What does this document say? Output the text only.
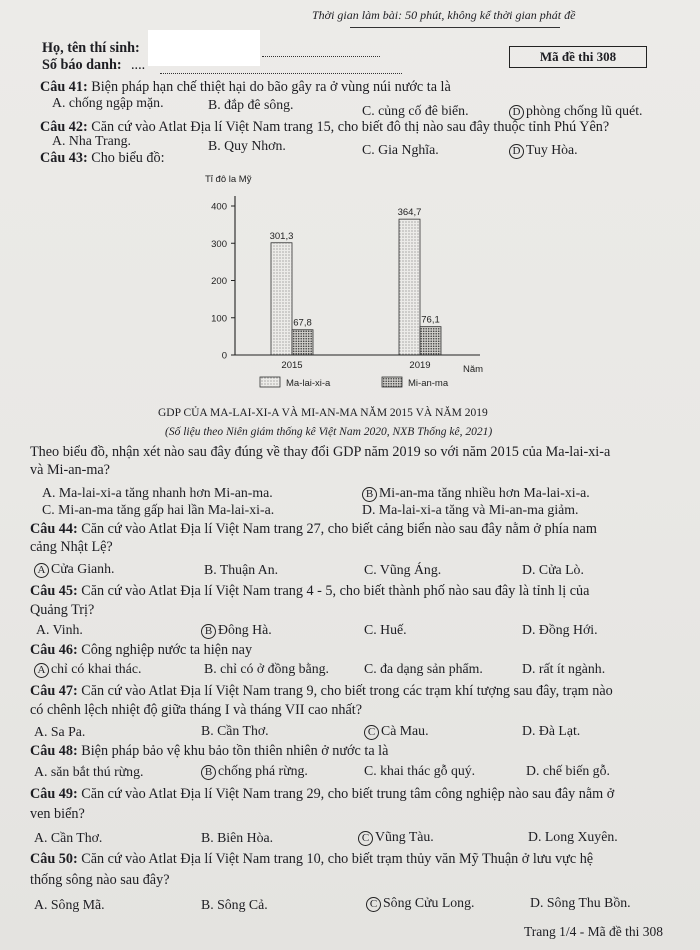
Thời gian làm bài: 50 phút, không kể thời gian phát đề
Họ, tên thí sinh:
Số báo danh: ....
Mã đề thi 308
Câu 41: Biện pháp hạn chế thiệt hại do bão gây ra ở vùng núi nước ta là
A. chống ngập mặn.	B. đắp đê sông.	C. củng cố đê biển.	D phòng chống lũ quét.
Câu 42: Căn cứ vào Atlat Địa lí Việt Nam trang 15, cho biết đô thị nào sau đây thuộc tỉnh Phú Yên?
A. Nha Trang.	B. Quy Nhơn.	C. Gia Nghĩa.	D Tuy Hòa.
Câu 43: Cho biểu đồ:
Tỉ đô la Mỹ
0
100
200
300
400
301,3
67,8
364,7
76,1
2015	2019	Năm
Ma-lai-xi-a	Mi-an-ma
GDP CỦA MA-LAI-XI-A VÀ MI-AN-MA NĂM 2015 VÀ NĂM 2019
(Số liệu theo Niên giám thống kê Việt Nam 2020, NXB Thống kê, 2021)
Theo biểu đồ, nhận xét nào sau đây đúng về thay đổi GDP năm 2019 so với năm 2015 của Ma-lai-xi-a
và Mi-an-ma?
A. Ma-lai-xi-a tăng nhanh hơn Mi-an-ma.	B Mi-an-ma tăng nhiều hơn Ma-lai-xi-a.
C. Mi-an-ma tăng gấp hai lần Ma-lai-xi-a.	D. Ma-lai-xi-a tăng và Mi-an-ma giảm.
Câu 44: Căn cứ vào Atlat Địa lí Việt Nam trang 27, cho biết cảng biển nào sau đây nằm ở phía nam
cảng Nhật Lệ?
A Cửa Gianh.	B. Thuận An.	C. Vũng Áng.	D. Cửa Lò.
Câu 45: Căn cứ vào Atlat Địa lí Việt Nam trang 4 - 5, cho biết thành phố nào sau đây là tỉnh lị của
Quảng Trị?
A. Vinh.	B Đông Hà.	C. Huế.	D. Đồng Hới.
Câu 46: Công nghiệp nước ta hiện nay
A chỉ có khai thác.	B. chỉ có ở đồng bằng.	C. đa dạng sản phẩm.	D. rất ít ngành.
Câu 47: Căn cứ vào Atlat Địa lí Việt Nam trang 9, cho biết trong các trạm khí tượng sau đây, trạm nào
có chênh lệch nhiệt độ giữa tháng I và tháng VII cao nhất?
A. Sa Pa.	B. Cần Thơ.	C Cà Mau.	D. Đà Lạt.
Câu 48: Biện pháp bảo vệ khu bảo tồn thiên nhiên ở nước ta là
A. săn bắt thú rừng.	B chống phá rừng.	C. khai thác gỗ quý.	D. chế biến gỗ.
Câu 49: Căn cứ vào Atlat Địa lí Việt Nam trang 29, cho biết trung tâm công nghiệp nào sau đây nằm ở
ven biển?
A. Cần Thơ.	B. Biên Hòa.	C Vũng Tàu.	D. Long Xuyên.
Câu 50: Căn cứ vào Atlat Địa lí Việt Nam trang 10, cho biết trạm thủy văn Mỹ Thuận ở lưu vực hệ
thống sông nào sau đây?
A. Sông Mã.	B. Sông Cả.	C Sông Cửu Long.	D. Sông Thu Bồn.
Trang 1/4 - Mã đề thi 308
